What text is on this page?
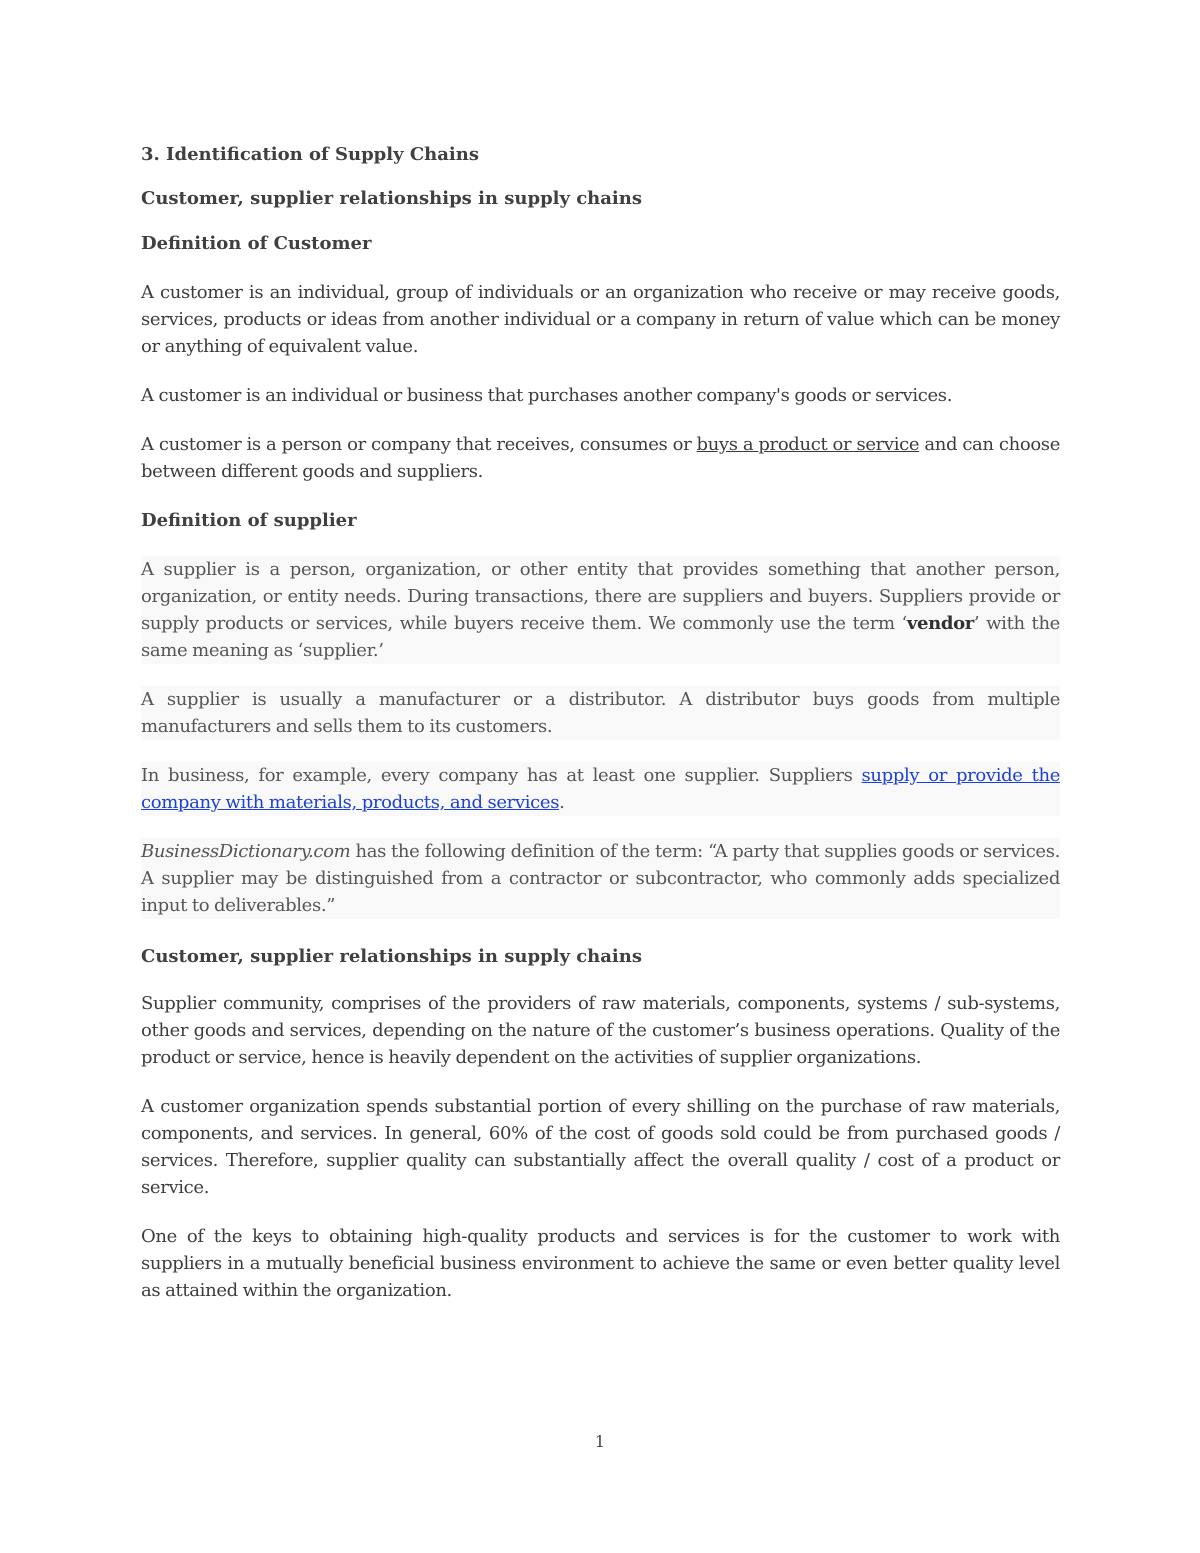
3. Identification of Supply Chains
Customer, supplier relationships in supply chains
Definition of Customer

A customer is an individual, group of individuals or an organization who receive or may receive goods, services, products or ideas from another individual or a company in return of value which can be money or anything of equivalent value.

A customer is an individual or business that purchases another company's goods or services.

A customer is a person or company that receives, consumes or buys a product or service and can choose between different goods and suppliers.

Definition of supplier

A supplier is a person, organization, or other entity that provides something that another person, organization, or entity needs. During transactions, there are suppliers and buyers. Suppliers provide or supply products or services, while buyers receive them. We commonly use the term ‘vendor’ with the same meaning as ‘supplier.’

A supplier is usually a manufacturer or a distributor. A distributor buys goods from multiple manufacturers and sells them to its customers.

In business, for example, every company has at least one supplier. Suppliers supply or provide the company with materials, products, and services.

BusinessDictionary.com has the following definition of the term: “A party that supplies goods or services. A supplier may be distinguished from a contractor or subcontractor, who commonly adds specialized input to deliverables.”

Customer, supplier relationships in supply chains

Supplier community, comprises of the providers of raw materials, components, systems / sub-systems, other goods and services, depending on the nature of the customer’s business operations. Quality of the product or service, hence is heavily dependent on the activities of supplier organizations.

A customer organization spends substantial portion of every shilling on the purchase of raw materials, components, and services. In general, 60% of the cost of goods sold could be from purchased goods / services. Therefore, supplier quality can substantially affect the overall quality / cost of a product or service.

One of the keys to obtaining high-quality products and services is for the customer to work with suppliers in a mutually beneficial business environment to achieve the same or even better quality level as attained within the organization.

1
